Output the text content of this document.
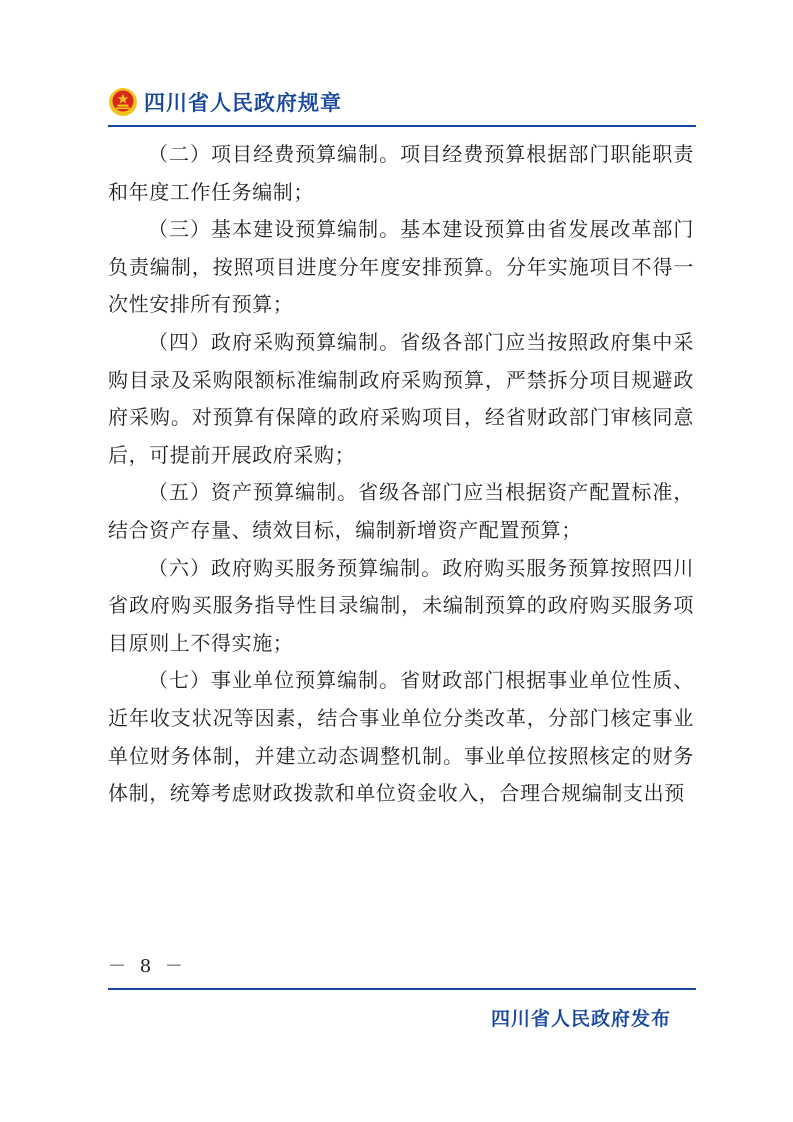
四川省人民政府规章

（二）项目经费预算编制。项目经费预算根据部门职能职责和年度工作任务编制；

（三）基本建设预算编制。基本建设预算由省发展改革部门负责编制，按照项目进度分年度安排预算。分年实施项目不得一次性安排所有预算；

（四）政府采购预算编制。省级各部门应当按照政府集中采购目录及采购限额标准编制政府采购预算，严禁拆分项目规避政府采购。对预算有保障的政府采购项目，经省财政部门审核同意后，可提前开展政府采购；

（五）资产预算编制。省级各部门应当根据资产配置标准，结合资产存量、绩效目标，编制新增资产配置预算；

（六）政府购买服务预算编制。政府购买服务预算按照四川省政府购买服务指导性目录编制，未编制预算的政府购买服务项目原则上不得实施；

（七）事业单位预算编制。省财政部门根据事业单位性质、近年收支状况等因素，结合事业单位分类改革，分部门核定事业单位财务体制，并建立动态调整机制。事业单位按照核定的财务体制，统筹考虑财政拨款和单位资金收入，合理合规编制支出预

－ 8 －
四川省人民政府发布
